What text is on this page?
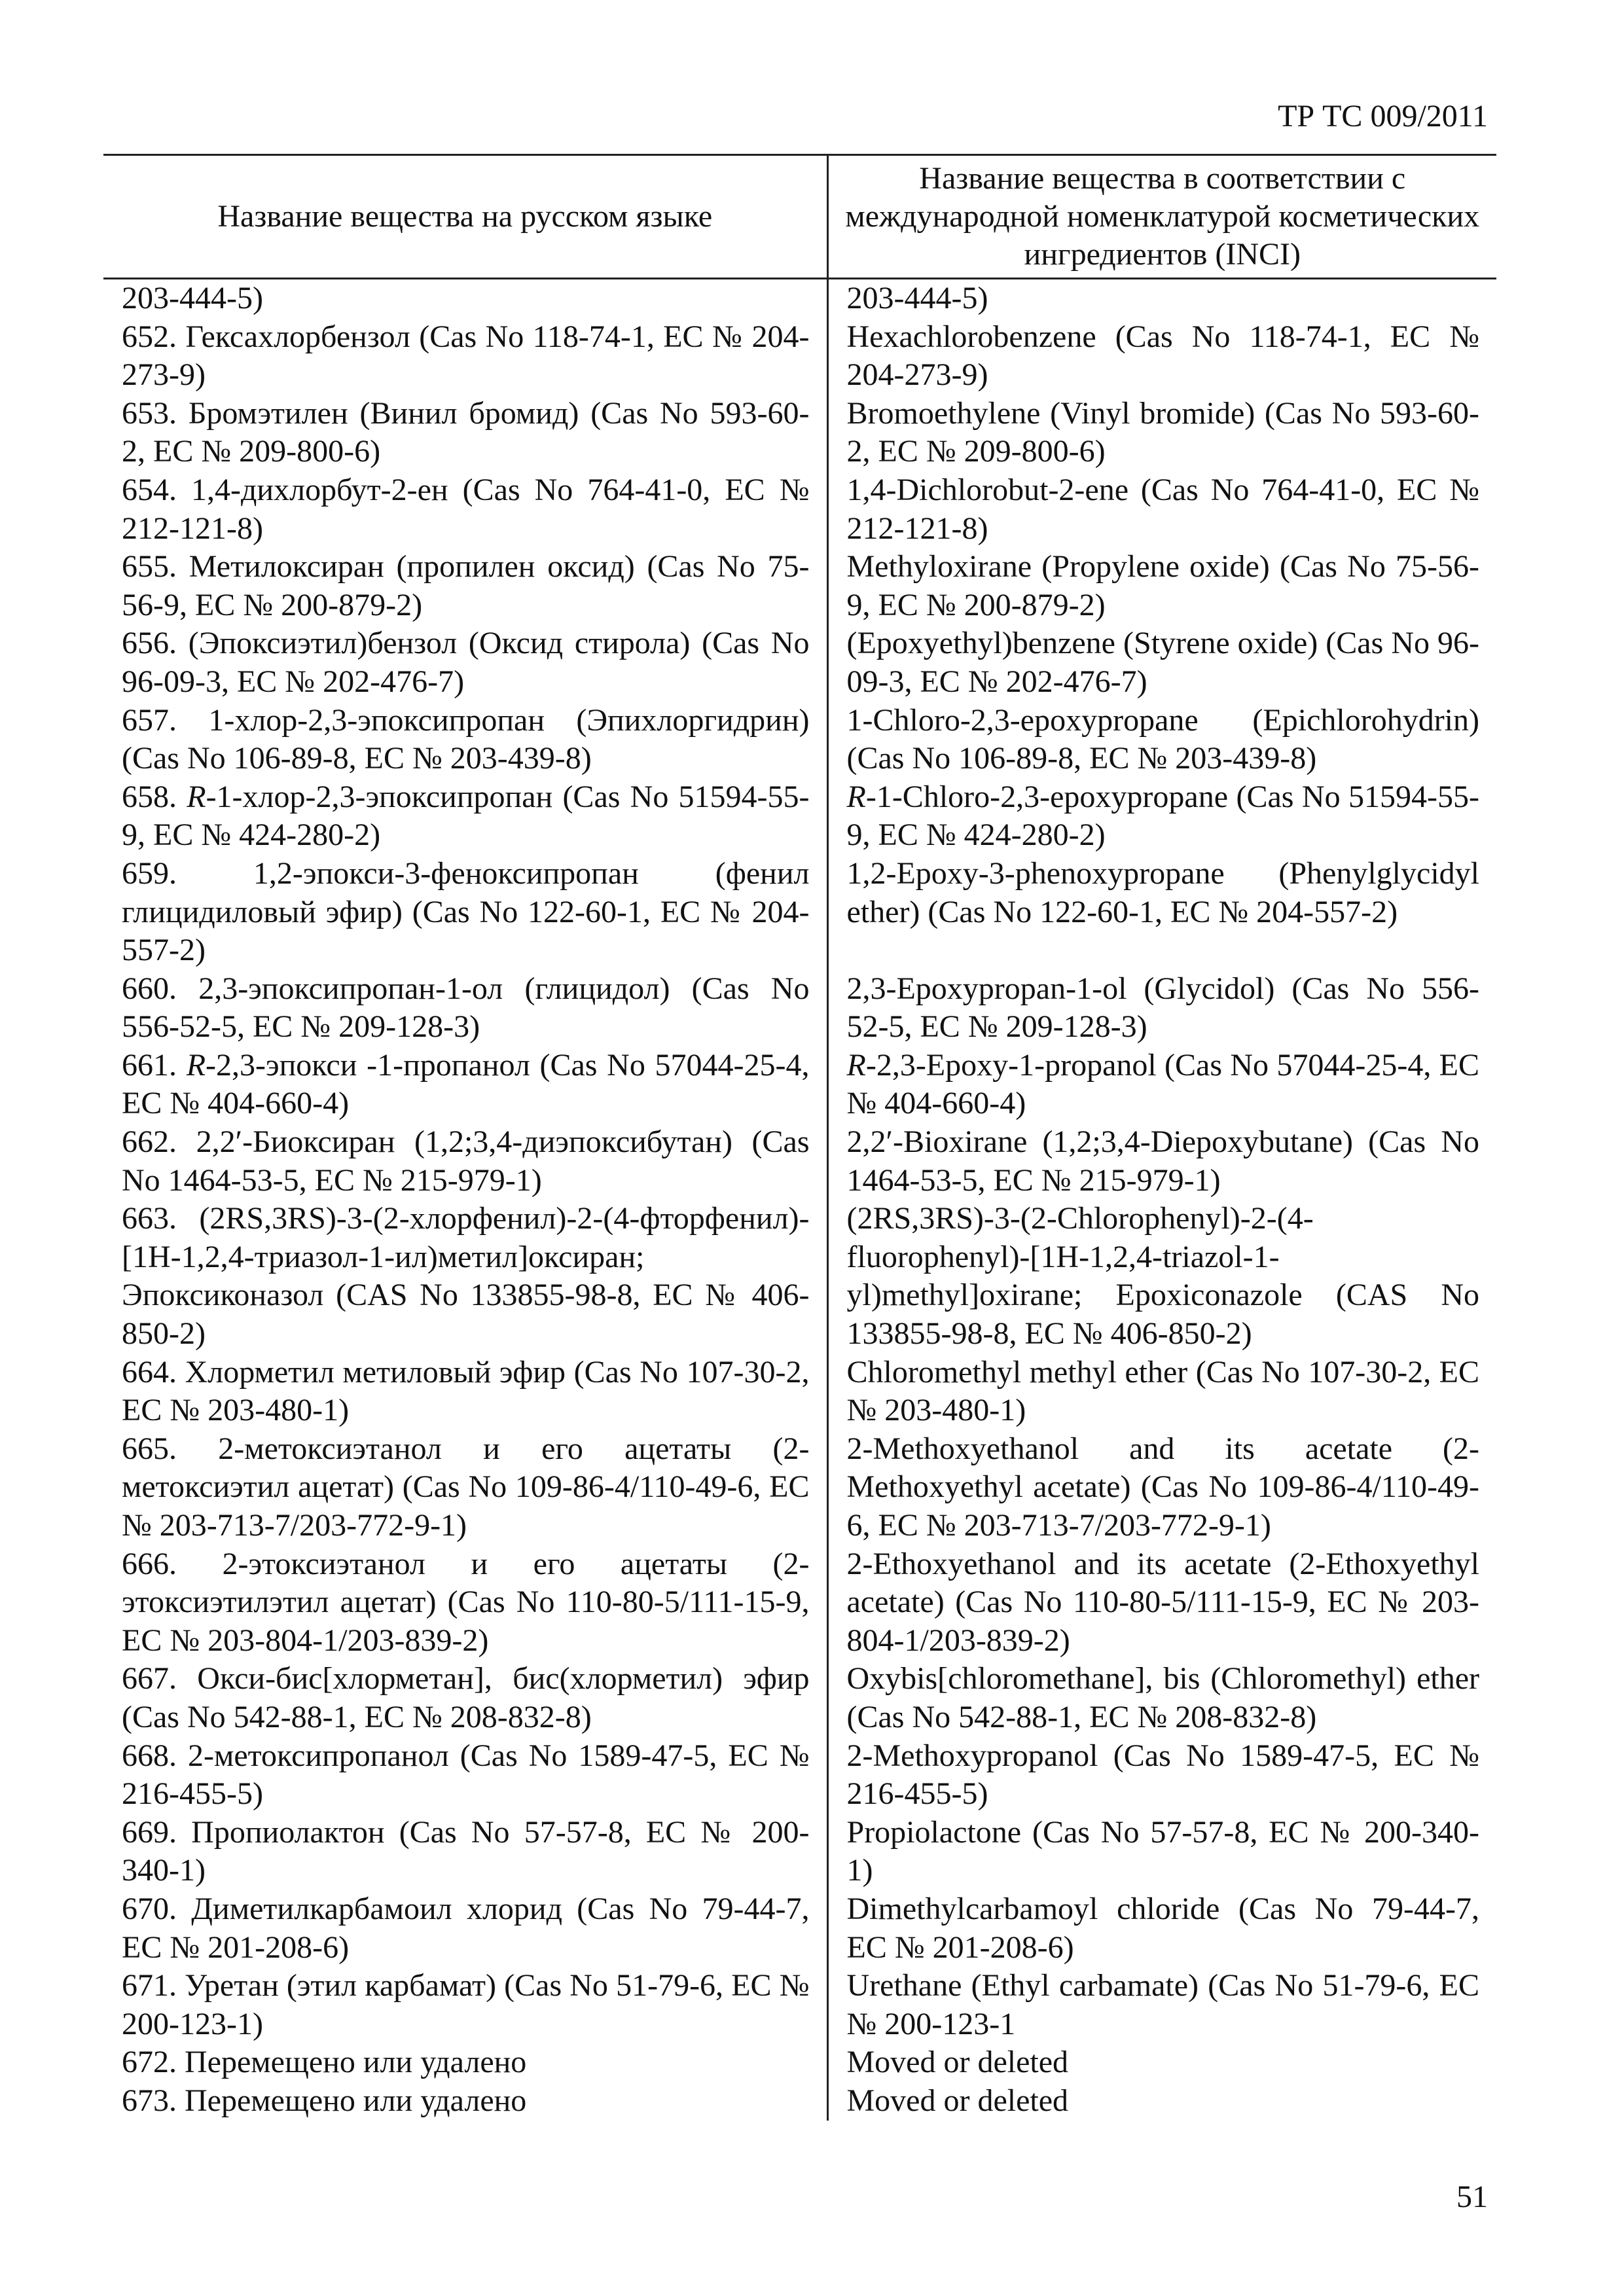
ТР ТС 009/2011
Название вещества на русском языке	Название вещества в соответствии с международной номенклатурой косметических ингредиентов (INCI)
203-444-5)	203-444-5)
652. Гексахлорбензол (Cas No 118-74-1, ЕС № 204-273-9)	Hexachlorobenzene (Cas No 118-74-1, EC № 204-273-9)
653. Бромэтилен (Винил бромид) (Cas No 593-60-2, ЕС № 209-800-6)	Bromoethylene (Vinyl bromide) (Cas No 593-60-2, EC № 209-800-6)
654. 1,4-дихлорбут-2-ен (Cas No 764-41-0, ЕС № 212-121-8)	1,4-Dichlorobut-2-ene (Cas No 764-41-0, EC № 212-121-8)
655. Метилоксиран (пропилен оксид) (Cas No 75-56-9, ЕС № 200-879-2)	Methyloxirane (Propylene oxide) (Cas No 75-56-9, EC № 200-879-2)
656. (Эпоксиэтил)бензол (Оксид стирола) (Cas No 96-09-3, ЕС № 202-476-7)	(Epoxyethyl)benzene (Styrene oxide) (Cas No 96-09-3, EC № 202-476-7)
657. 1-хлор-2,3-эпоксипропан (Эпихлоргидрин) (Cas No 106-89-8, ЕС № 203-439-8)	1-Chloro-2,3-epoxypropane (Epichlorohydrin) (Cas No 106-89-8, EC № 203-439-8)
658. R-1-хлор-2,3-эпоксипропан (Cas No 51594-55-9, ЕС № 424-280-2)	R-1-Chloro-2,3-epoxypropane (Cas No 51594-55-9, EC № 424-280-2)
659. 1,2-эпокси-3-феноксипропан (фенил глицидиловый эфир) (Cas No 122-60-1, ЕС № 204-557-2)	1,2-Epoxy-3-phenoxypropane (Phenylglycidyl ether) (Cas No 122-60-1, EC № 204-557-2)
660. 2,3-эпоксипропан-1-ол (глицидол) (Cas No 556-52-5, ЕС № 209-128-3)	2,3-Epoxypropan-1-ol (Glycidol) (Cas No 556-52-5, EC № 209-128-3)
661. R-2,3-эпокси -1-пропанол (Cas No 57044-25-4, ЕС № 404-660-4)	R-2,3-Epoxy-1-propanol (Cas No 57044-25-4, EC № 404-660-4)
662. 2,2′-Биоксиран (1,2;3,4-диэпоксибутан) (Cas No 1464-53-5, ЕС № 215-979-1)	2,2′-Bioxirane (1,2;3,4-Diepoxybutane) (Cas No 1464-53-5, EC № 215-979-1)
663. (2RS,3RS)-3-(2-хлорфенил)-2-(4-фторфенил)-[1H-1,2,4-триазол-1-ил)метил]оксиран; Эпоксиконазол (CAS No 133855-98-8, ЕС № 406-850-2)	(2RS,3RS)-3-(2-Chlorophenyl)-2-(4-fluorophenyl)-[1H-1,2,4-triazol-1-yl)methyl]oxirane; Epoxiconazole (CAS No 133855-98-8, EC № 406-850-2)
664. Хлорметил метиловый эфир (Cas No 107-30-2, ЕС № 203-480-1)	Chloromethyl methyl ether (Cas No 107-30-2, EC № 203-480-1)
665. 2-метоксиэтанол и его ацетаты (2-метоксиэтил ацетат) (Cas No 109-86-4/110-49-6, ЕС № 203-713-7/203-772-9-1)	2-Methoxyethanol and its acetate (2-Methoxyethyl acetate) (Cas No 109-86-4/110-49-6, EC № 203-713-7/203-772-9-1)
666. 2-этоксиэтанол и его ацетаты (2-этоксиэтилэтил ацетат) (Cas No 110-80-5/111-15-9, ЕС № 203-804-1/203-839-2)	2-Ethoxyethanol and its acetate (2-Ethoxyethyl acetate) (Cas No 110-80-5/111-15-9, EC № 203-804-1/203-839-2)
667. Окси-бис[хлорметан], бис(хлорметил) эфир (Cas No 542-88-1, ЕС № 208-832-8)	Oxybis[chloromethane], bis (Chloromethyl) ether (Cas No 542-88-1, EC № 208-832-8)
668. 2-метоксипропанол (Cas No 1589-47-5, ЕС № 216-455-5)	2-Methoxypropanol (Cas No 1589-47-5, EC № 216-455-5)
669. Пропиолактон (Cas No 57-57-8, ЕС № 200-340-1)	Propiolactone (Cas No 57-57-8, EC № 200-340-1)
670. Диметилкарбамоил хлорид (Cas No 79-44-7, ЕС № 201-208-6)	Dimethylcarbamoyl chloride (Cas No 79-44-7, EC № 201-208-6)
671. Уретан (этил карбамат) (Cas No 51-79-6, ЕС № 200-123-1)	Urethane (Ethyl carbamate) (Cas No 51-79-6, EC № 200-123-1
672. Перемещено или удалено	Moved or deleted
673. Перемещено или удалено	Moved or deleted
51
